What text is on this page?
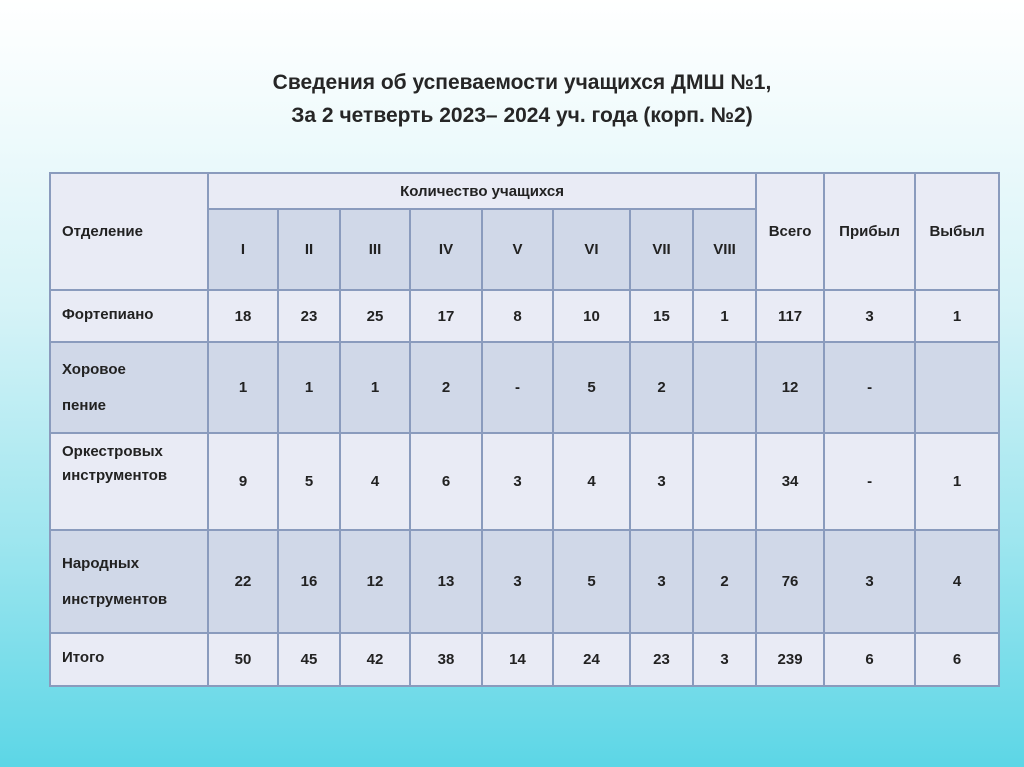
Сведения об успеваемости учащихся ДМШ №1,
За 2 четверть 2023– 2024 уч. года (корп. №2)
Отделение	Количество учащихся								Всего	Прибыл	Выбыл
	I	II	III	IV	V	VI	VII	VIII			

Фортепиано	18	23	25	17	8	10	15	1	117	3	1

Хоровое
пение	1	1	1	2	-	5	2		12	-	

Оркестровых
инструментов	9	5	4	6	3	4	3		34	-	1

Народных
инструментов	22	16	12	13	3	5	3	2	76	3	4

Итого	50	45	42	38	14	24	23	3	239	6	6
